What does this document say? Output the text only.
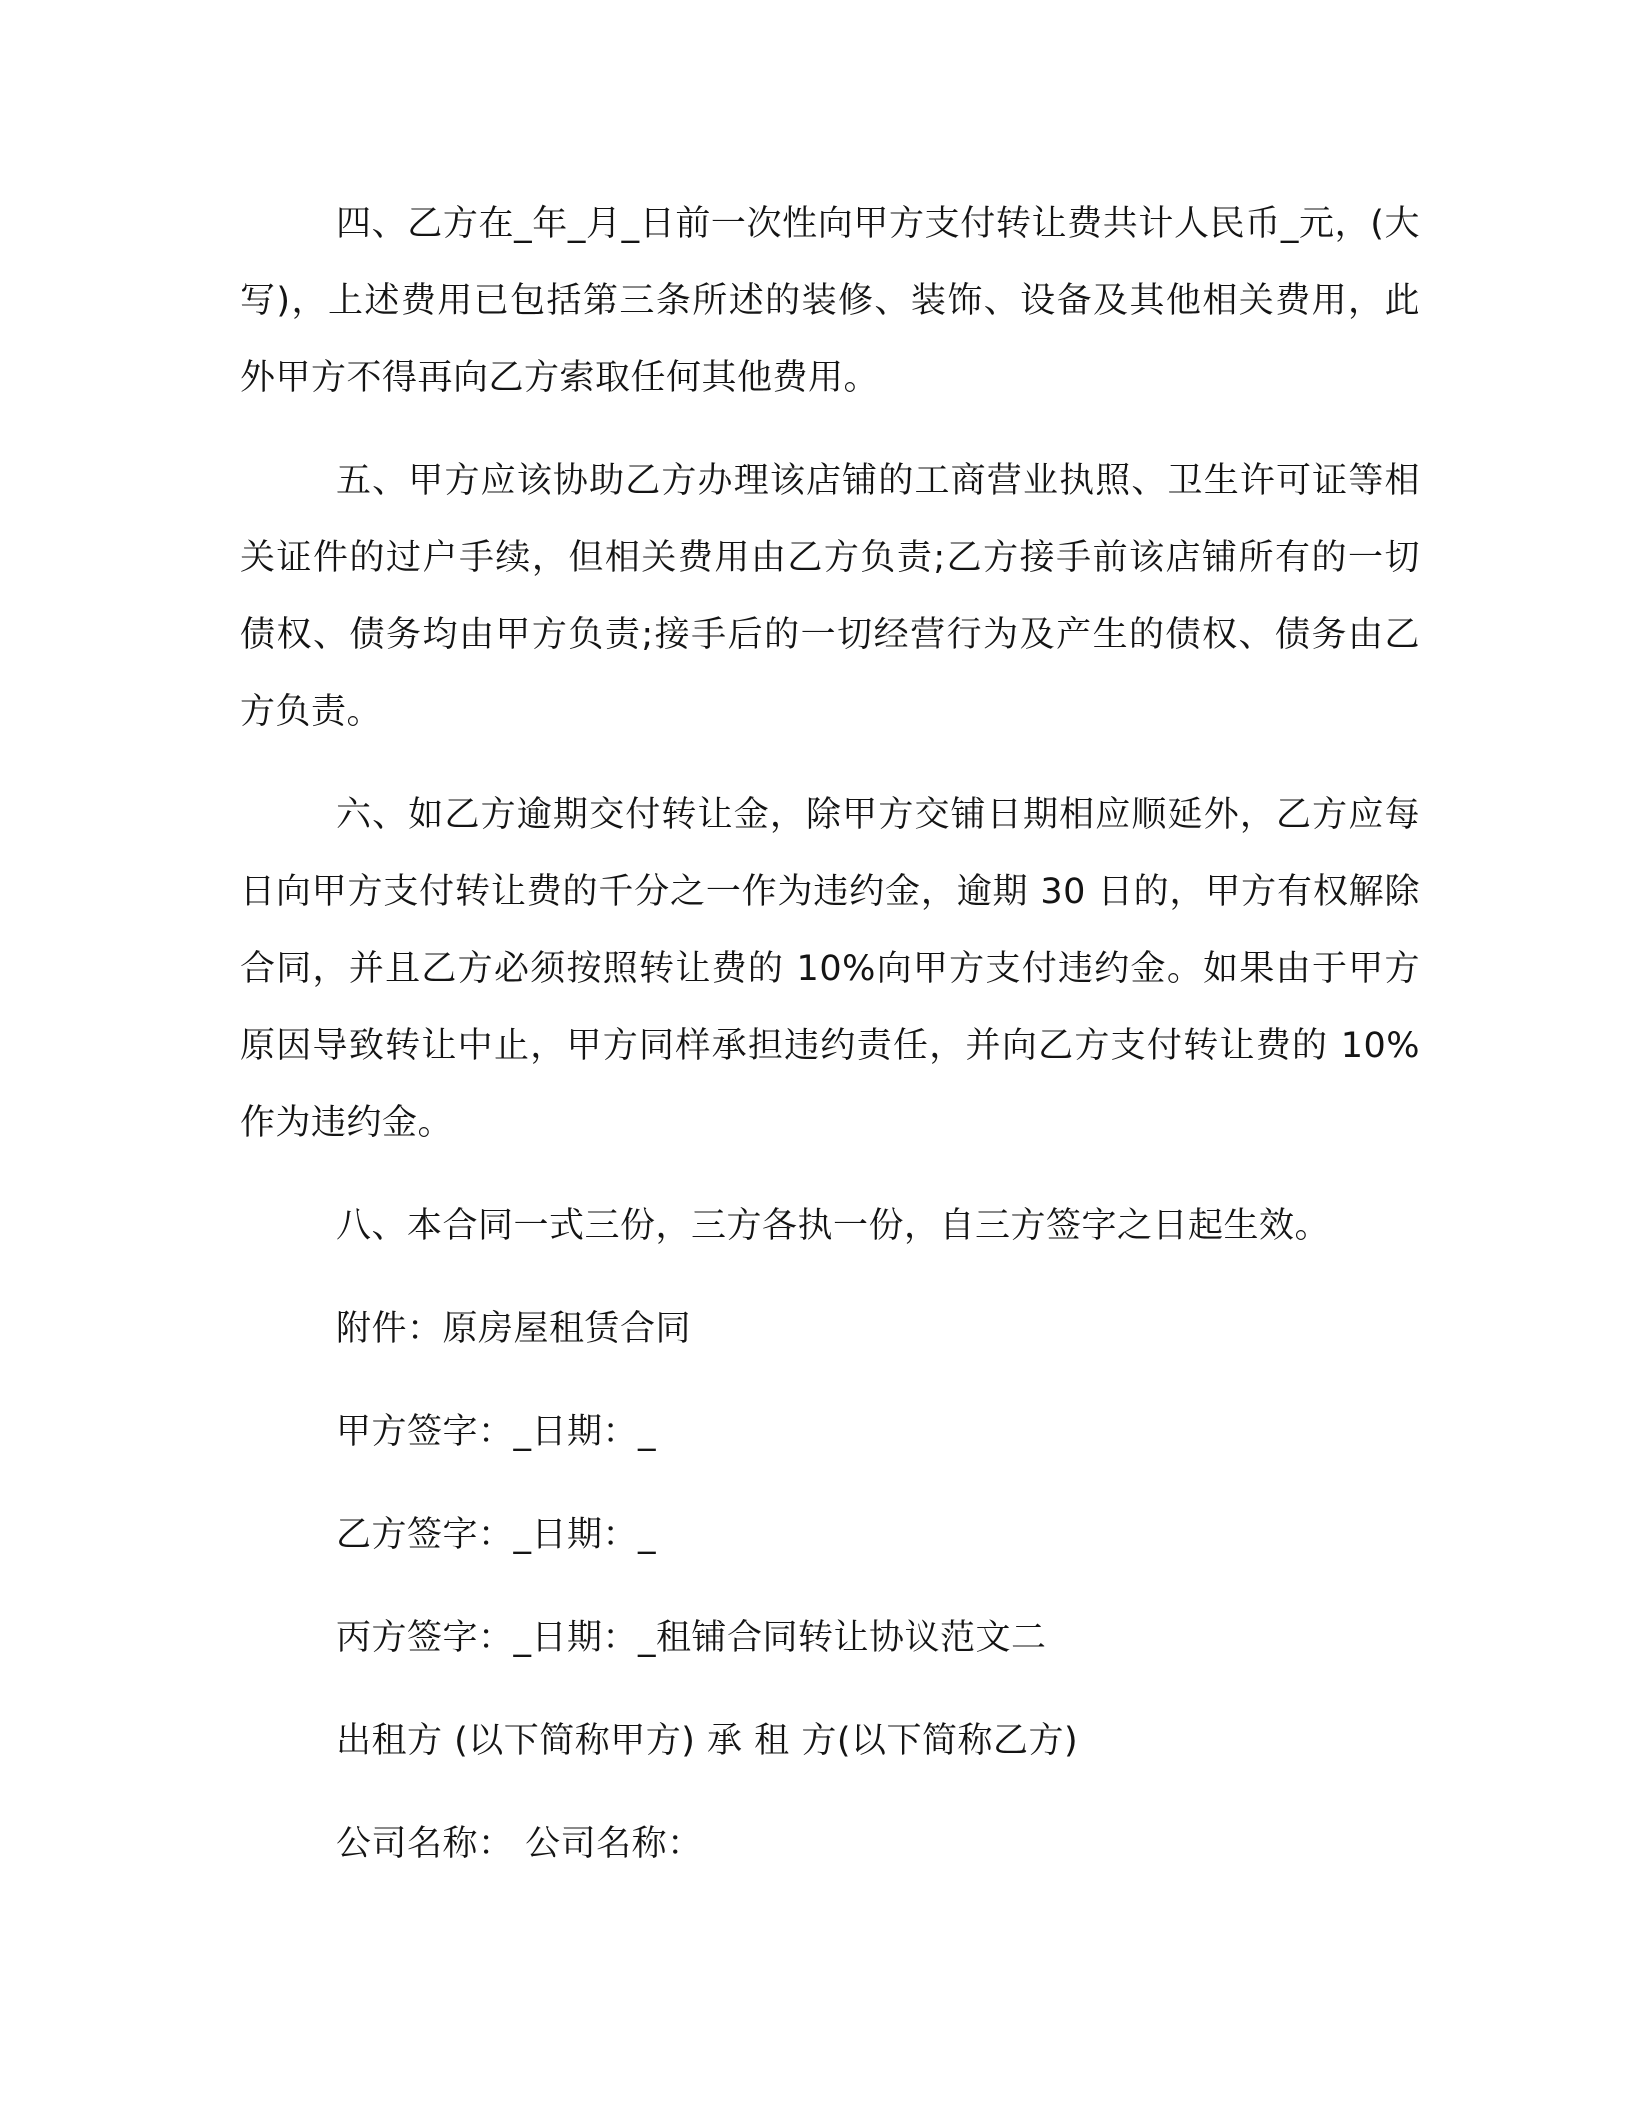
四、乙方在_年_月_日前一次性向甲方支付转让费共计人民币_元，(大写)，上述费用已包括第三条所述的装修、装饰、设备及其他相关费用，此外甲方不得再向乙方索取任何其他费用。

五、甲方应该协助乙方办理该店铺的工商营业执照、卫生许可证等相关证件的过户手续，但相关费用由乙方负责;乙方接手前该店铺所有的一切债权、债务均由甲方负责;接手后的一切经营行为及产生的债权、债务由乙方负责。

六、如乙方逾期交付转让金，除甲方交铺日期相应顺延外，乙方应每日向甲方支付转让费的千分之一作为违约金，逾期 30 日的，甲方有权解除合同，并且乙方必须按照转让费的 10%向甲方支付违约金。如果由于甲方原因导致转让中止，甲方同样承担违约责任，并向乙方支付转让费的 10%作为违约金。

八、本合同一式三份，三方各执一份，自三方签字之日起生效。

附件：原房屋租赁合同

甲方签字：_日期：_

乙方签字：_日期：_

丙方签字：_日期：_租铺合同转让协议范文二

出租方 (以下简称甲方) 承 租 方(以下简称乙方)

公司名称： 公司名称：
